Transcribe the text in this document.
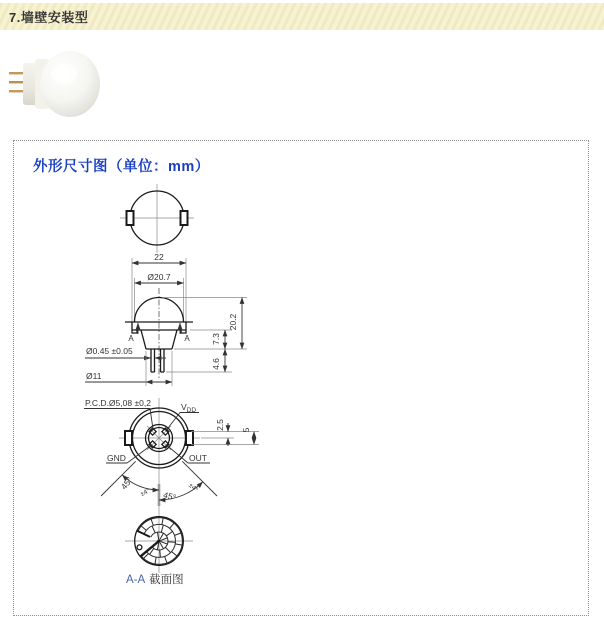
7.墙壁安装型
外形尺寸图（单位：mm）
22
Ø20.7
A	A
Ø0.45 ±0.05
Ø11
7.3
4.6
20.2
P.C.D.Ø5,08 ±0,2	$V_{DD}$
GND	OUT
2.5 5
45°
±4° 45°
±4°
A-A 截面图
